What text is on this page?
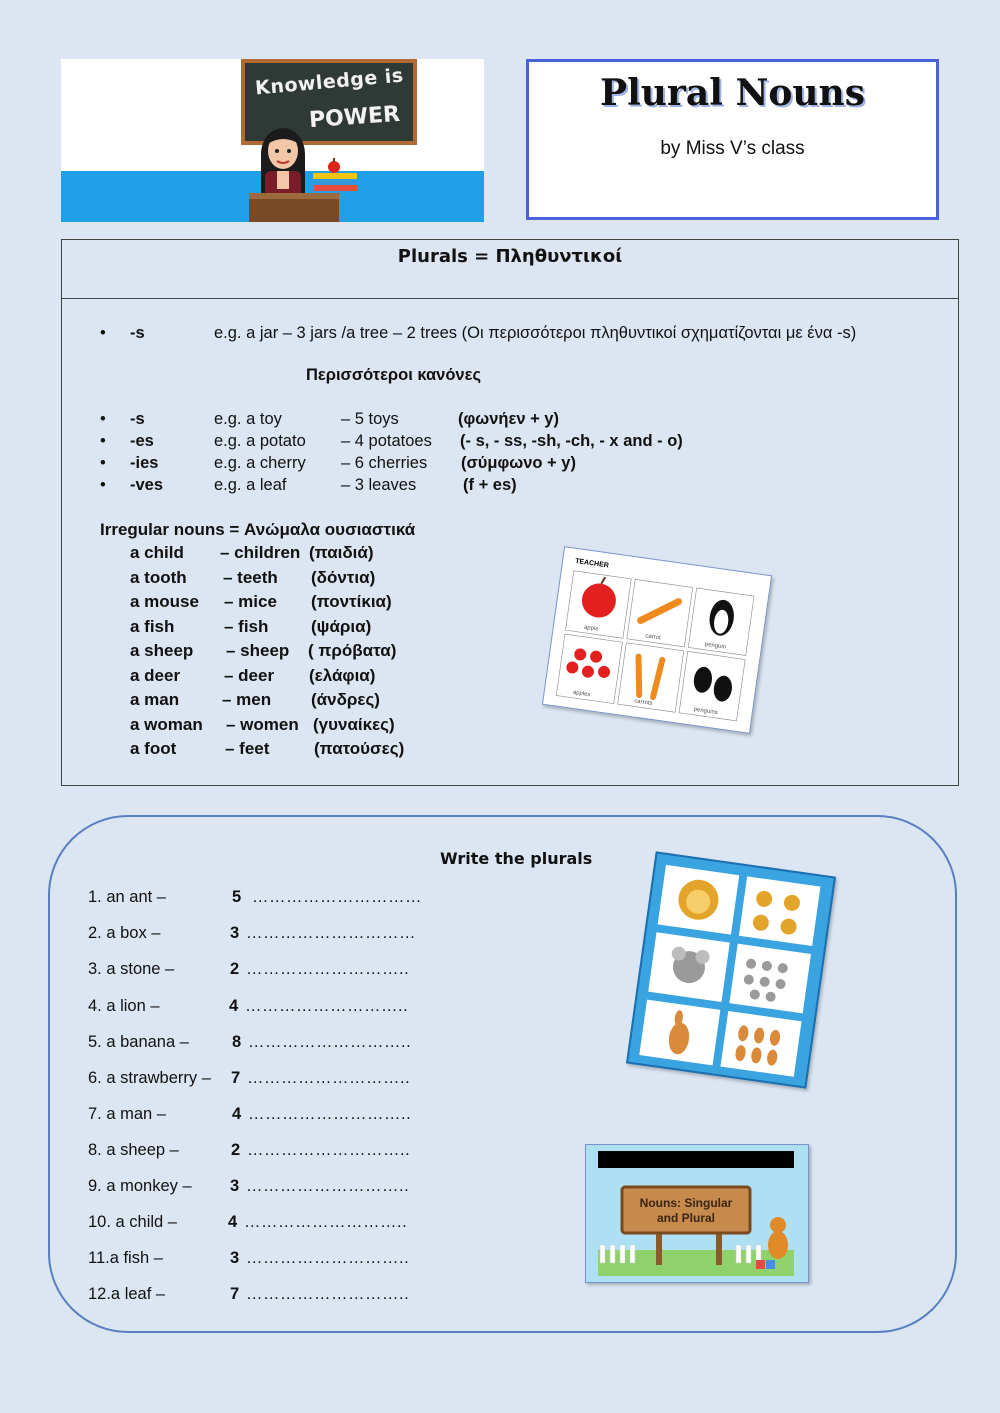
Knowledge is
POWER
Plural Nouns
by Miss V’s class
Plurals = Πληθυντικοί
• -s	e.g. a jar – 3 jars /a tree – 2 trees (Οι περισσότεροι πληθυντικοί σχηματίζονται με ένα -s)
Περισσότεροι κανόνες
• -s	e.g. a toy	– 5 toys	(φωνήεν + y)
• -es	e.g. a potato – 4 potatoes (- s, - ss, -sh, -ch, - x and - o)
• -ies	e.g. a cherry – 6 cherries (σύμφωνο + y)
• -ves	e.g. a leaf	– 3 leaves	(f + es)
Irregular nouns = Ανώμαλα ουσιαστικά
a child – children (παιδιά)
a tooth – teeth (δόντια)
a mouse – mice (ποντίκια)
a fish	– fish	(ψάρια)
a sheep – sheep ( πρόβατα)
a deer	– deer (ελάφια)
a man	– men (άνδρες)
a woman – women (γυναίκες)
a foot	– feet	(πατούσες)
TEACHER
apple
carrot
penguin
apples
carrots
penguins
Write the plurals
1. an ant –	5 …………………………
2. a box –	3 …………………………
3. a stone –	2 ………………………..
4. a lion –	4 ………………………..
5. a banana –	8 ………………………..
6. a strawberry – 7 ………………………..
7. a man –	4 ………………………..
8. a sheep –	2 ………………………..
9. a monkey – 3 ………………………..
10. a child –	4 ………………………..
11.a fish –	3 ………………………..
12.a leaf –	7 ………………………..
Nouns: Singular
and Plural
